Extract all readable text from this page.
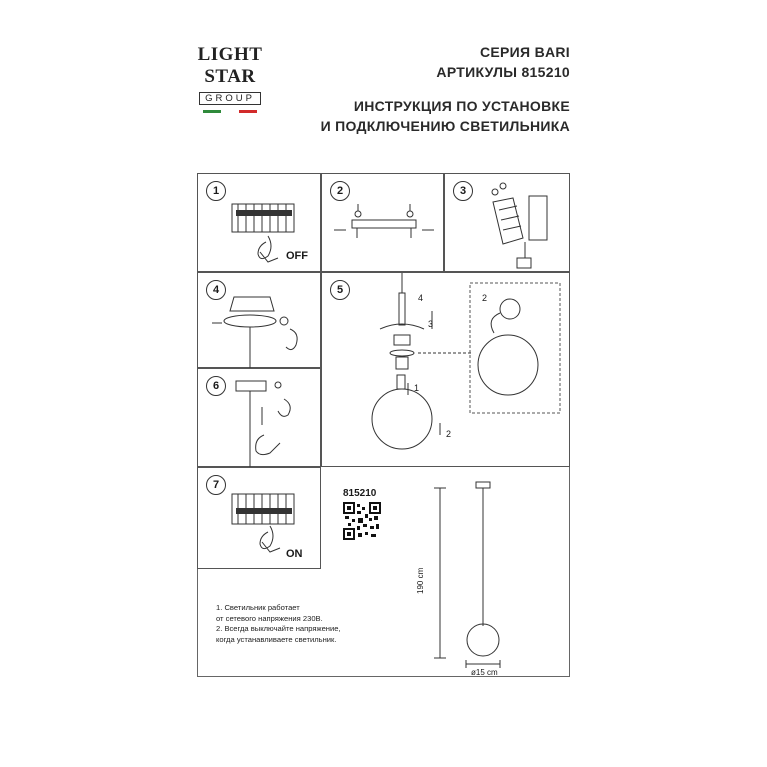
LIGHT
STAR
GROUP
СЕРИЯ BARI
АРТИКУЛЫ 815210
ИНСТРУКЦИЯ ПО УСТАНОВКЕ
И ПОДКЛЮЧЕНИЮ СВЕТИЛЬНИКА
1
OFF
2	3
4	5
4
3
1
2
2
6
7
ON
815210
190 cm
ø15 cm
1. Светильник работает
от сетевого напряжения 230В.
2. Всегда выключайте напряжение,
когда устанавливаете светильник.
